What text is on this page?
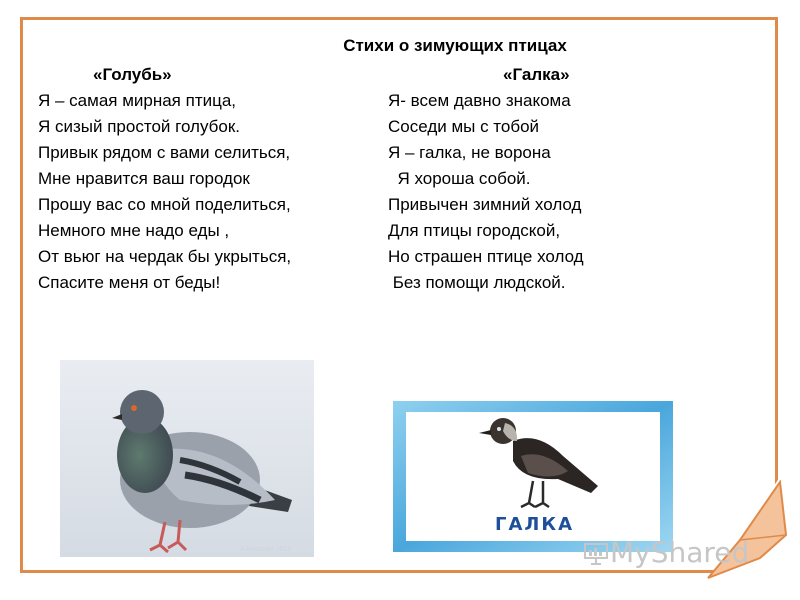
Стихи о зимующих птицах
«Голубь»
Я – самая мирная птица,
Я сизый простой голубок.
Привык рядом с вами селиться,
Мне нравится ваш городок
Прошу вас со мной поделиться,
Немного мне надо еды ,
От вьюг на чердак бы укрыться,
Спасите меня от беды!
«Галка»
Я- всем давно знакома
Соседи мы с тобой
Я – галка, не ворона
Я хороша собой.
Привычен зимний холод
Для птицы городской,
Но страшен птице холод
Без помощи людской.
А.Кисилин 2011
ГАЛКА
MyShared
